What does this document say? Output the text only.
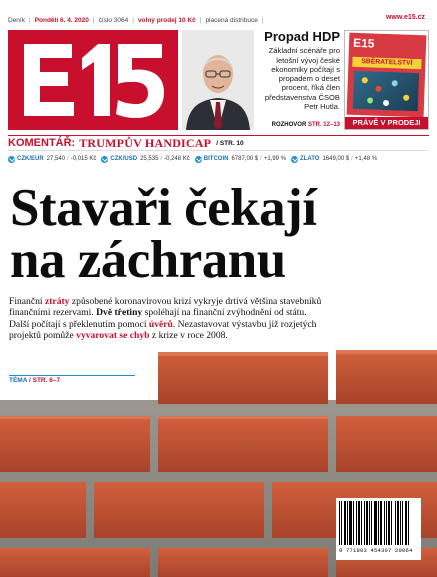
Deník | Pondělí 6. 4. 2020 | číslo 3064 | volný prodej 10 Kč | placená distribuce |	www.e15.cz
Propad HDP
Základní scénáře pro letošní vývoj české ekonomiky počítají s propadem o deset procent, říká člen představenstva ČSOB Petr Hutla.
ROZHOVOR STR. 12–13
E15
SBĚRATELSTVÍ
PRÁVĚ V PRODEJI
KOMENTÁŘ: TRUMPŮV HANDICAP / STR. 10
CZK/EUR 27,540 / -0,015 Kč CZK/USD 25,535 / -0,248 Kč BITCOIN 6787,00 $ / +1,99 % ZLATO 1649,00 $ / +1,48 %
Stavaři čekají
na záchranu
Finanční ztráty způsobené koronavirovou krizí vykryje drtivá většina stavebníků finančními rezervami. Dvě třetiny spoléhají na finanční zvýhodnění od státu. Další počítají s překlenutím pomocí úvěrů. Nezastavovat výstavbu již rozjetých projektů pomůže vyvarovat se chyb z krize v roce 2008.
TÉMA / STR. 6–7
9 771803 454307 20064
